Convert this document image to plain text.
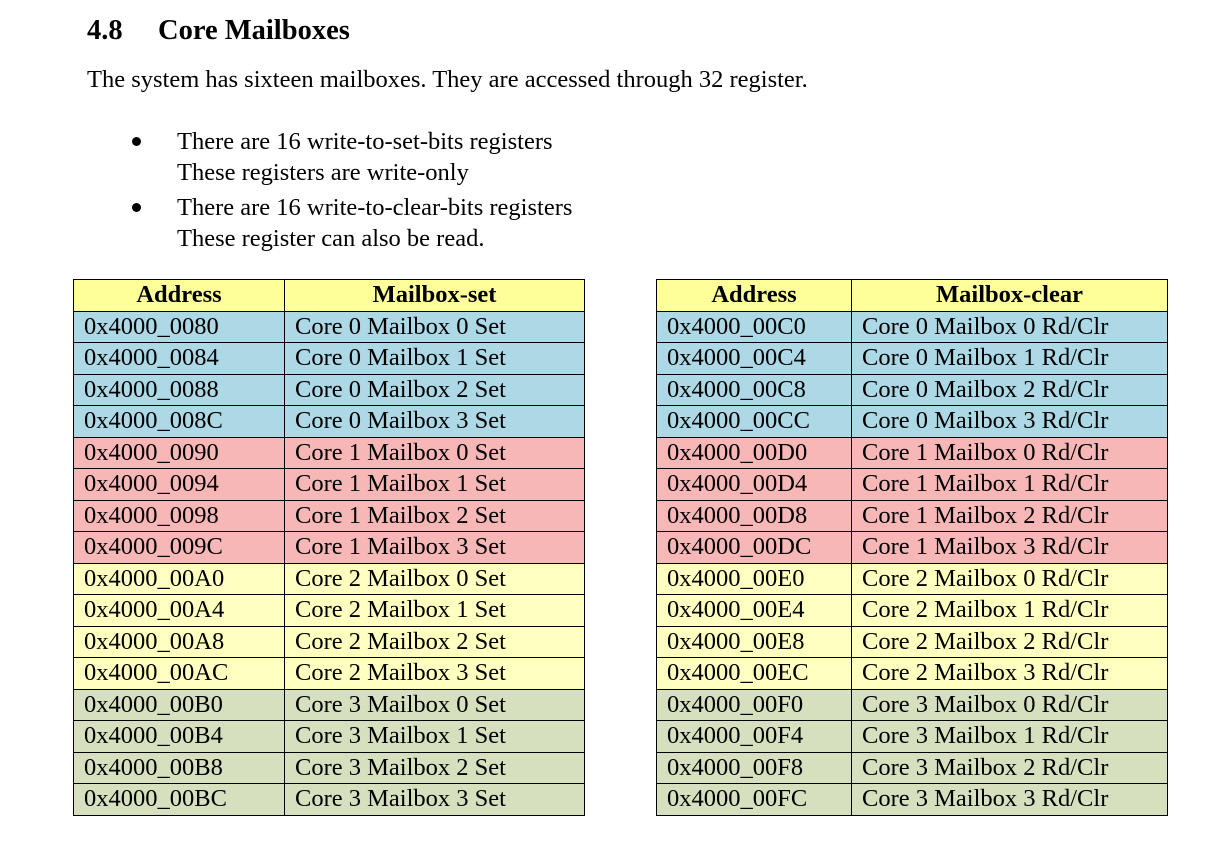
4.8 Core Mailboxes

The system has sixteen mailboxes. They are accessed through 32 register.

There are 16 write-to-set-bits registers
These registers are write-only
There are 16 write-to-clear-bits registers
These register can also be read.
Address	Mailbox-set
0x4000_0080	Core 0 Mailbox 0 Set
0x4000_0084	Core 0 Mailbox 1 Set
0x4000_0088	Core 0 Mailbox 2 Set
0x4000_008C	Core 0 Mailbox 3 Set
0x4000_0090	Core 1 Mailbox 0 Set
0x4000_0094	Core 1 Mailbox 1 Set
0x4000_0098	Core 1 Mailbox 2 Set
0x4000_009C	Core 1 Mailbox 3 Set
0x4000_00A0	Core 2 Mailbox 0 Set
0x4000_00A4	Core 2 Mailbox 1 Set
0x4000_00A8	Core 2 Mailbox 2 Set
0x4000_00AC	Core 2 Mailbox 3 Set
0x4000_00B0	Core 3 Mailbox 0 Set
0x4000_00B4	Core 3 Mailbox 1 Set
0x4000_00B8	Core 3 Mailbox 2 Set
0x4000_00BC	Core 3 Mailbox 3 Set
Address	Mailbox-clear
0x4000_00C0	Core 0 Mailbox 0 Rd/Clr
0x4000_00C4	Core 0 Mailbox 1 Rd/Clr
0x4000_00C8	Core 0 Mailbox 2 Rd/Clr
0x4000_00CC	Core 0 Mailbox 3 Rd/Clr
0x4000_00D0	Core 1 Mailbox 0 Rd/Clr
0x4000_00D4	Core 1 Mailbox 1 Rd/Clr
0x4000_00D8	Core 1 Mailbox 2 Rd/Clr
0x4000_00DC	Core 1 Mailbox 3 Rd/Clr
0x4000_00E0	Core 2 Mailbox 0 Rd/Clr
0x4000_00E4	Core 2 Mailbox 1 Rd/Clr
0x4000_00E8	Core 2 Mailbox 2 Rd/Clr
0x4000_00EC	Core 2 Mailbox 3 Rd/Clr
0x4000_00F0	Core 3 Mailbox 0 Rd/Clr
0x4000_00F4	Core 3 Mailbox 1 Rd/Clr
0x4000_00F8	Core 3 Mailbox 2 Rd/Clr
0x4000_00FC	Core 3 Mailbox 3 Rd/Clr
